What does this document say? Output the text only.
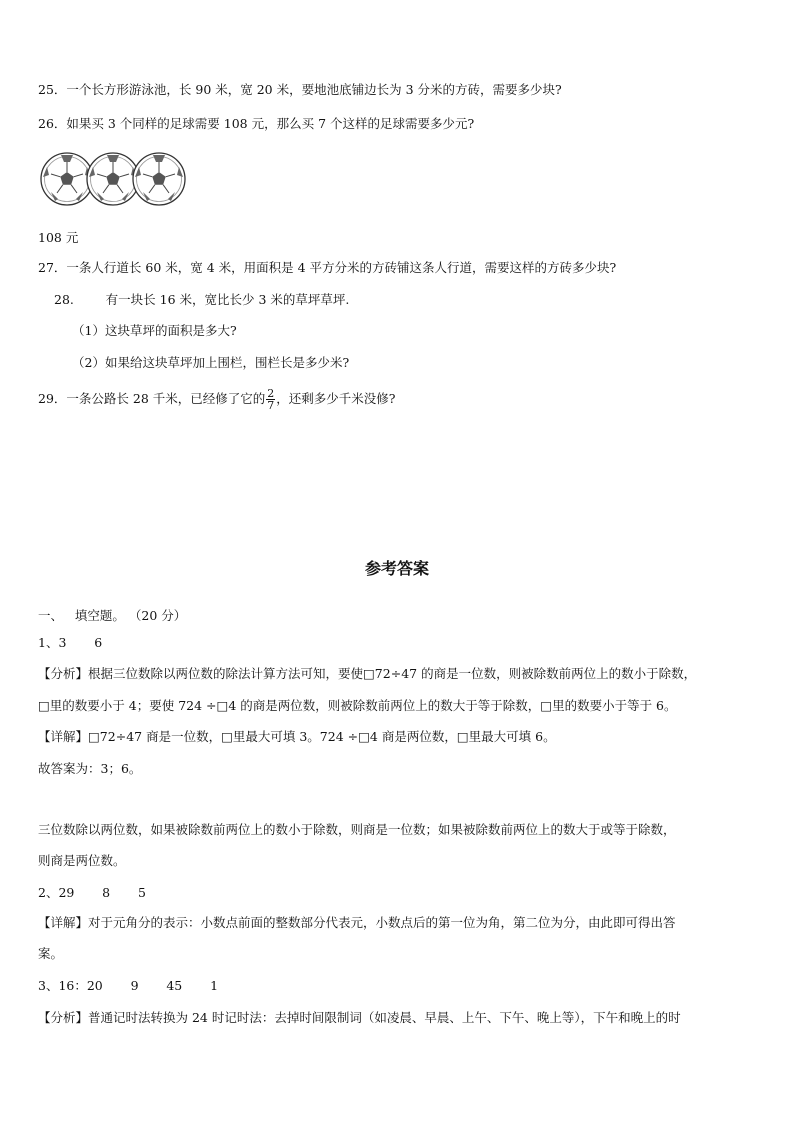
25．一个长方形游泳池，长 90 米，宽 20 米，要地池底铺边长为 3 分米的方砖，需要多少块?
26．如果买 3 个同样的足球需要 108 元，那么买 7 个这样的足球需要多少元?
108 元
27．一条人行道长 60 米，宽 4 米，用面积是 4 平方分米的方砖铺这条人行道，需要这样的方砖多少块?
28.        有一块长 16 米，宽比长少 3 米的草坪草坪.
（1）这块草坪的面积是多大?
（2）如果给这块草坪加上围栏，围栏长是多少米?
29．一条公路长 28 千米，已经修了它的 $\frac{2}{7}$ ，还剩多少千米没修?
参考答案
一、   填空题。 （20 分）
1、3       6
【分析】根据三位数除以两位数的除法计算方法可知，要使□72÷47 的商是一位数，则被除数前两位上的数小于除数，
□里的数要小于 4；要使 724 ÷□4 的商是两位数，则被除数前两位上的数大于等于除数，□里的数要小于等于 6。
【详解】□72÷47 商是一位数，□里最大可填 3。724 ÷□4 商是两位数，□里最大可填 6。
故答案为：3；6。
三位数除以两位数，如果被除数前两位上的数小于除数，则商是一位数；如果被除数前两位上的数大于或等于除数，
则商是两位数。
2、29       8       5
【详解】对于元角分的表示：小数点前面的整数部分代表元，小数点后的第一位为角，第二位为分，由此即可得出答
案。
3、16：20       9       45       1
【分析】普通记时法转换为 24 时记时法：去掉时间限制词（如凌晨、早晨、上午、下午、晚上等），下午和晚上的时
